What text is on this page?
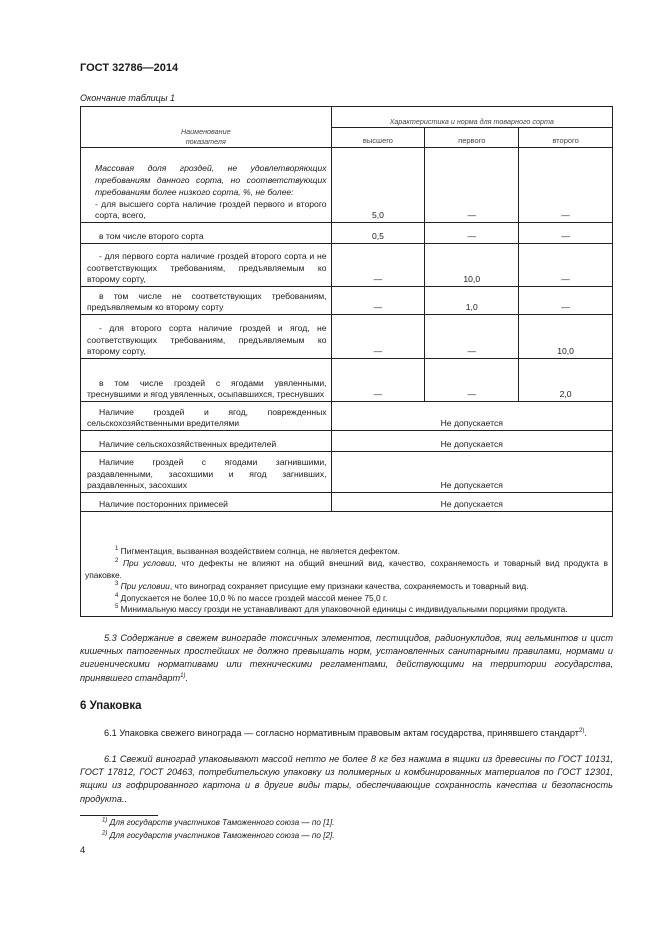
ГОСТ 32786—2014
Окончание таблицы 1
Наименование
показателя	Характеристика и норма для товарного сорта		
	высшего	первого	второго

Массовая доля гроздей, не удовлетворяющих требованиям данного сорта, но соответствующих требованиям более низкого сорта, %, не более:
- для высшего сорта наличие гроздей первого и второго сорта, всего,	5,0	—	—
в том числе второго сорта	0,5	—	—

- для первого сорта наличие гроздей второго сорта и не соответствующих требованиям, предъявляемым ко второму сорту,	—	10,0	—

в том числе не соответствующих требованиям, предъявляемым ко второму сорту	—	1,0	—

- для второго сорта наличие гроздей и ягод, не соответствующих требованиям, предъявляемым ко второму сорту,	—	—	10,0

в том числе гроздей с ягодами увяленными, треснувшими и ягод увяленных, осыпавшихся, треснувших	—	—	2,0

Наличие гроздей и ягод, поврежденных сельскохозяйственными вредителями	Не допускается		
Наличие сельскохозяйственных вредителей	Не допускается		

Наличие гроздей с ягодами загнившими, раздавленными, засохшими и ягод загнивших, раздавленных, засохших	Не допускается		
Наличие посторонних примесей	Не допускается		

$^1$ Пигментация, вызванная воздействием солнца, не является дефектом.
$^2$ При условии, что дефекты не влияют на общий внешний вид, качество, сохраняемость и товарный вид продукта в упаковке.
$^3$ При условии, что виноград сохраняет присущие ему признаки качества, сохраняемость и товарный вид.
$^4$ Допускается не более 10,0 % по массе гроздей массой менее 75,0 г.
$^5$ Минимальную массу грозди не устанавливают для упаковочной единицы с индивидуальными порциями продукта.			
5.3 Содержание в свежем винограде токсичных элементов, пестицидов, радионуклидов, яиц гельминтов и цист кишечных патогенных простейших не должно превышать норм, установленных санитарными правилами, нормами и гигиеническими нормативами или техническими регламентами, действующими на территории государства, принявшего стандарт$^{1)}$.
6 Упаковка
6.1 Упаковка свежего винограда — согласно нормативным правовым актам государства, принявшего стандарт$^{2)}$.
6.1 Свежий виноград упаковывают массой нетто не более 8 кг без нажима в ящики из древесины по ГОСТ 10131, ГОСТ 17812, ГОСТ 20463, потребительскую упаковку из полимерных и комбинированных материалов по ГОСТ 12301, ящики из гофрированного картона и в другие виды тары, обеспечивающие сохранность качества и безопасность продукта..
$^{1)}$ Для государств участников Таможенного союза — по [1].
$^{2)}$ Для государств участников Таможенного союза — по [2].
4
